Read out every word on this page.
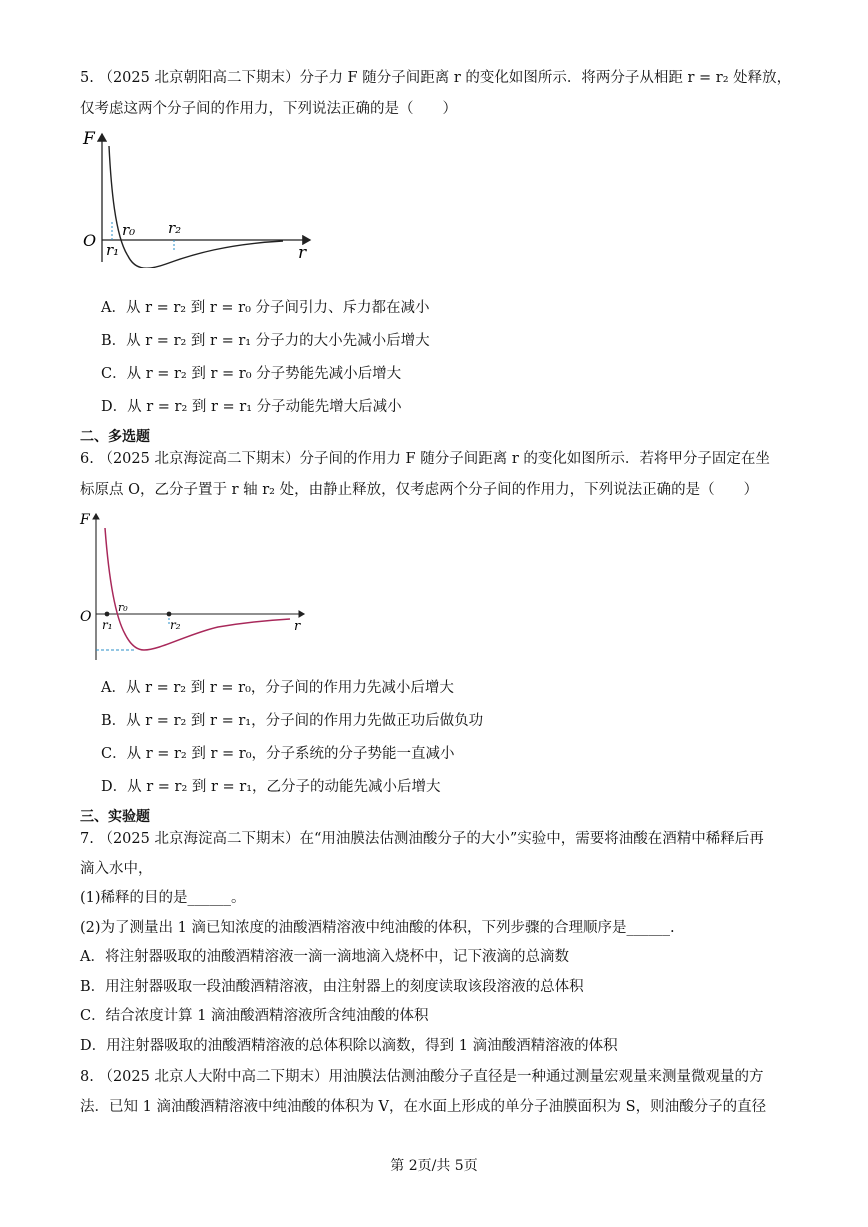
5. （2025 北京朝阳高二下期末）分子力 F 随分子间距离 r 的变化如图所示．将两分子从相距 r = r₂ 处释放，
仅考虑这两个分子间的作用力，下列说法正确的是（　　）
F
O
r
r₀
r₁
r₂
A．从 r = r₂ 到 r = r₀ 分子间引力、斥力都在减小
B．从 r = r₂ 到 r = r₁ 分子力的大小先减小后增大
C．从 r = r₂ 到 r = r₀ 分子势能先减小后增大
D．从 r = r₂ 到 r = r₁ 分子动能先增大后减小
二、多选题
6. （2025 北京海淀高二下期末）分子间的作用力 F 随分子间距离 r 的变化如图所示．若将甲分子固定在坐
标原点 O，乙分子置于 r 轴 r₂ 处，由静止释放，仅考虑两个分子间的作用力，下列说法正确的是（　　）
F
O
r
r₀
r₁	r₂
A．从 r = r₂ 到 r = r₀，分子间的作用力先减小后增大
B．从 r = r₂ 到 r = r₁，分子间的作用力先做正功后做负功
C．从 r = r₂ 到 r = r₀，分子系统的分子势能一直减小
D．从 r = r₂ 到 r = r₁，乙分子的动能先减小后增大
三、实验题
7. （2025 北京海淀高二下期末）在“用油膜法估测油酸分子的大小”实验中，需要将油酸在酒精中稀释后再
滴入水中，
(1)稀释的目的是______。
(2)为了测量出 1 滴已知浓度的油酸酒精溶液中纯油酸的体积，下列步骤的合理顺序是______.
A．将注射器吸取的油酸酒精溶液一滴一滴地滴入烧杯中，记下液滴的总滴数
B．用注射器吸取一段油酸酒精溶液，由注射器上的刻度读取该段溶液的总体积
C．结合浓度计算 1 滴油酸酒精溶液所含纯油酸的体积
D．用注射器吸取的油酸酒精溶液的总体积除以滴数，得到 1 滴油酸酒精溶液的体积
8. （2025 北京人大附中高二下期末）用油膜法估测油酸分子直径是一种通过测量宏观量来测量微观量的方
法．已知 1 滴油酸酒精溶液中纯油酸的体积为 V，在水面上形成的单分子油膜面积为 S，则油酸分子的直径
第 2页/共 5页
